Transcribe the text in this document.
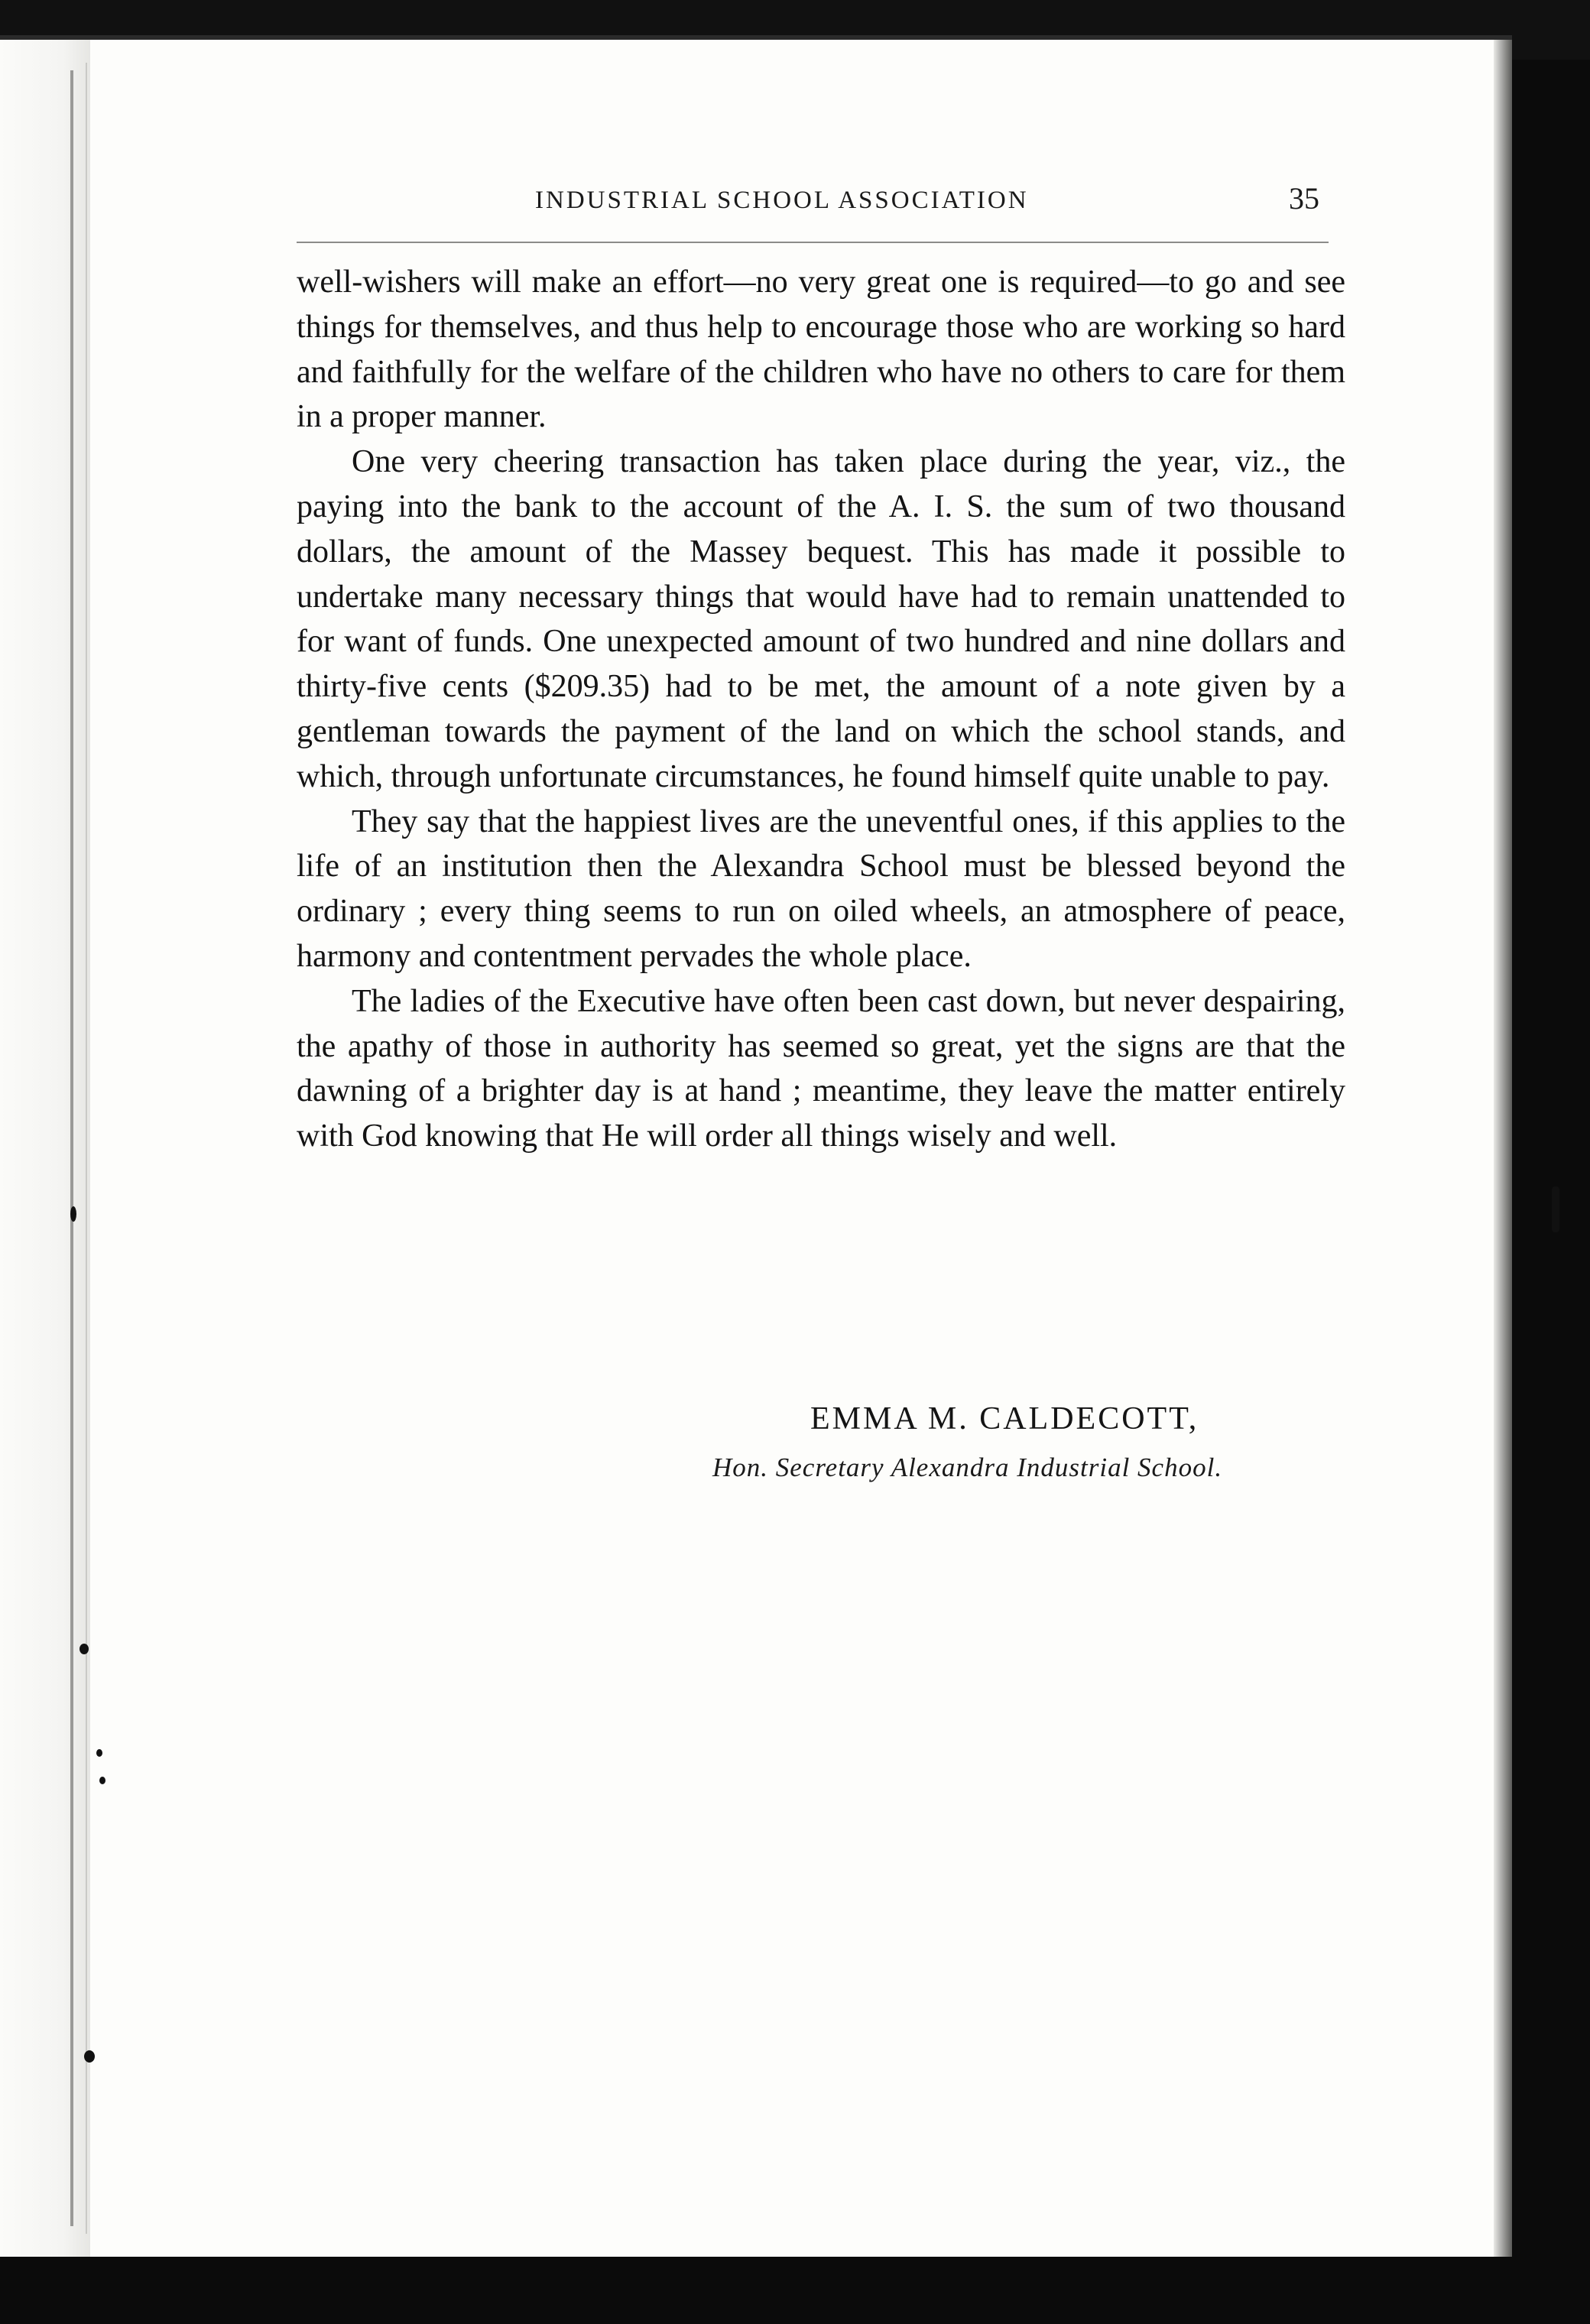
INDUSTRIAL SCHOOL ASSOCIATION	35

well-wishers will make an effort—no very great one is required—to go and see things for themselves, and thus help to encourage those who are working so hard and faithfully for the welfare of the children who have no others to care for them in a proper manner.

One very cheering transaction has taken place during the year, viz., the paying into the bank to the account of the A. I. S. the sum of two thousand dollars, the amount of the Massey bequest. This has made it possible to undertake many necessary things that would have had to remain unattended to for want of funds. One unexpected amount of two hundred and nine dollars and thirty-five cents ($209.35) had to be met, the amount of a note given by a gentleman towards the payment of the land on which the school stands, and which, through unfortunate circumstances, he found himself quite unable to pay.

They say that the happiest lives are the uneventful ones, if this applies to the life of an institution then the Alexandra School must be blessed beyond the ordinary ; every thing seems to run on oiled wheels, an atmosphere of peace, harmony and contentment pervades the whole place.

The ladies of the Executive have often been cast down, but never despairing, the apathy of those in authority has seemed so great, yet the signs are that the dawning of a brighter day is at hand ; meantime, they leave the matter entirely with God knowing that He will order all things wisely and well.

EMMA M. CALDECOTT,
Hon. Secretary Alexandra Industrial School.
